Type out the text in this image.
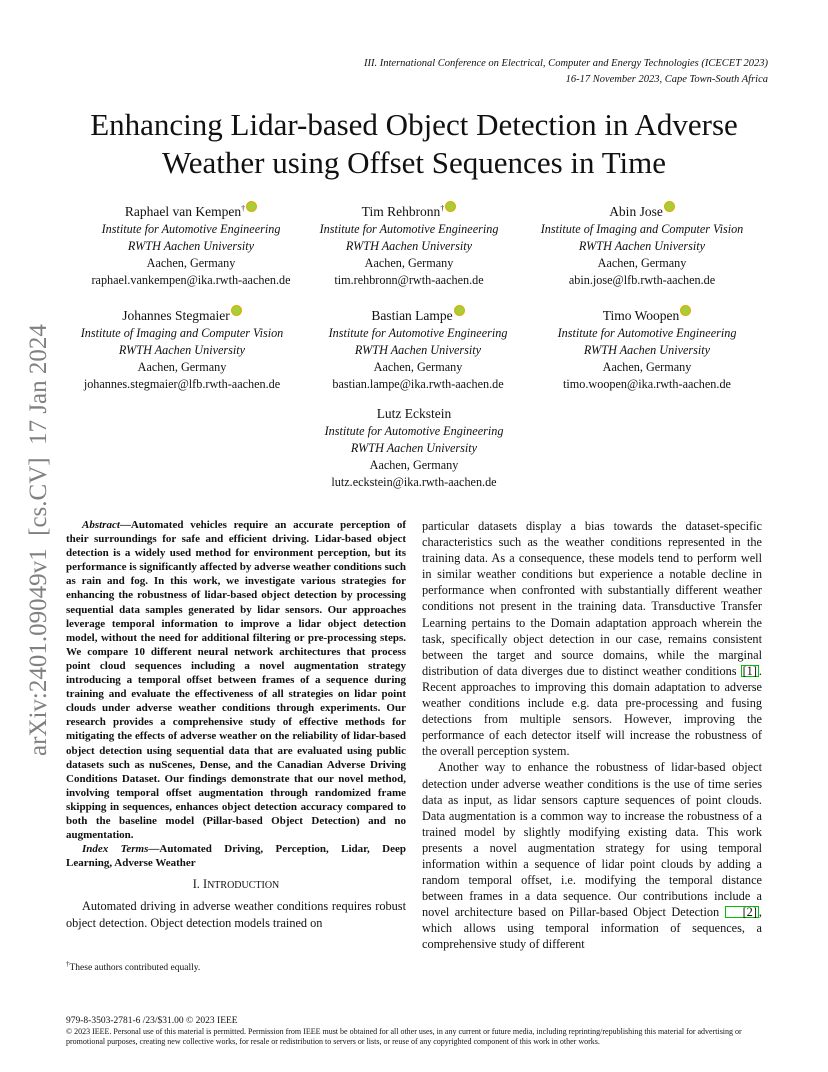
III. International Conference on Electrical, Computer and Energy Technologies (ICECET 2023)
16-17 November 2023, Cape Town-South Africa
Enhancing Lidar-based Object Detection in Adverse
Weather using Offset Sequences in Time
Raphael van Kempen†
Institute for Automotive Engineering
RWTH Aachen University
Aachen, Germany
raphael.vankempen@ika.rwth-aachen.de
Tim Rehbronn†
Institute for Automotive Engineering
RWTH Aachen University
Aachen, Germany
tim.rehbronn@rwth-aachen.de
Abin Jose
Institute of Imaging and Computer Vision
RWTH Aachen University
Aachen, Germany
abin.jose@lfb.rwth-aachen.de
Johannes Stegmaier
Institute of Imaging and Computer Vision
RWTH Aachen University
Aachen, Germany
johannes.stegmaier@lfb.rwth-aachen.de
Bastian Lampe
Institute for Automotive Engineering
RWTH Aachen University
Aachen, Germany
bastian.lampe@ika.rwth-aachen.de
Timo Woopen
Institute for Automotive Engineering
RWTH Aachen University
Aachen, Germany
timo.woopen@ika.rwth-aachen.de
Lutz Eckstein
Institute for Automotive Engineering
RWTH Aachen University
Aachen, Germany
lutz.eckstein@ika.rwth-aachen.de
arXiv:2401.09049v1  [cs.CV]  17 Jan 2024	Abstract—Automated vehicles require an accurate perception of their surroundings for safe and efficient driving. Lidar-based object detection is a widely used method for environment perception, but its performance is significantly affected by adverse weather conditions such as rain and fog. In this work, we investigate various strategies for enhancing the robustness of lidar-based object detection by processing sequential data samples generated by lidar sensors. Our approaches leverage temporal information to improve a lidar object detection model, without the need for additional filtering or pre-processing steps. We compare 10 different neural network architectures that process point cloud sequences including a novel augmentation strategy introducing a temporal offset between frames of a sequence during training and evaluate the effectiveness of all strategies on lidar point clouds under adverse weather conditions through experiments. Our research provides a comprehensive study of effective methods for mitigating the effects of adverse weather on the reliability of lidar-based object detection using sequential data that are evaluated using public datasets such as nuScenes, Dense, and the Canadian Adverse Driving Conditions Dataset. Our findings demonstrate that our novel method, involving temporal offset augmentation through randomized frame skipping in sequences, enhances object detection accuracy compared to both the baseline model (Pillar-based Object Detection) and no augmentation.

Index Terms—Automated Driving, Perception, Lidar, Deep Learning, Adverse Weather

I. INTRODUCTION

Automated driving in adverse weather conditions requires robust object detection. Object detection models trained on

†These authors contributed equally.

particular datasets display a bias towards the dataset-specific characteristics such as the weather conditions represented in the training data. As a consequence, these models tend to perform well in similar weather conditions but experience a notable decline in performance when confronted with substantially different weather conditions not present in the training data. Transductive Transfer Learning pertains to the Domain adaptation approach wherein the task, specifically object detection in our case, remains consistent between the target and source domains, while the marginal distribution of data diverges due to distinct weather conditions [1] . Recent approaches to improving this domain adaptation to adverse weather conditions include e.g. data pre-processing and fusing detections from multiple sensors. However, improving the performance of each detector itself will increase the robustness of the overall perception system.

Another way to enhance the robustness of lidar-based object detection under adverse weather conditions is the use of time series data as input, as lidar sensors capture sequences of point clouds. Data augmentation is a common way to increase the robustness of a trained model by slightly modifying existing data. This work presents a novel augmentation strategy for using temporal information within a sequence of lidar point clouds by adding a random temporal offset, i.e. modifying the temporal distance between frames in a data sequence. Our contributions include a novel architecture based on Pillar-based Object Detection [2] , which allows using temporal information of sequences, a comprehensive study of different

979-8-3503-2781-6 /23/$31.00 © 2023 IEEE
© 2023 IEEE. Personal use of this material is permitted. Permission from IEEE must be obtained for all other uses, in any current or future media, including reprinting/republishing this material for advertising or promotional purposes, creating new collective works, for resale or redistribution to servers or lists, or reuse of any copyrighted component of this work in other works.
